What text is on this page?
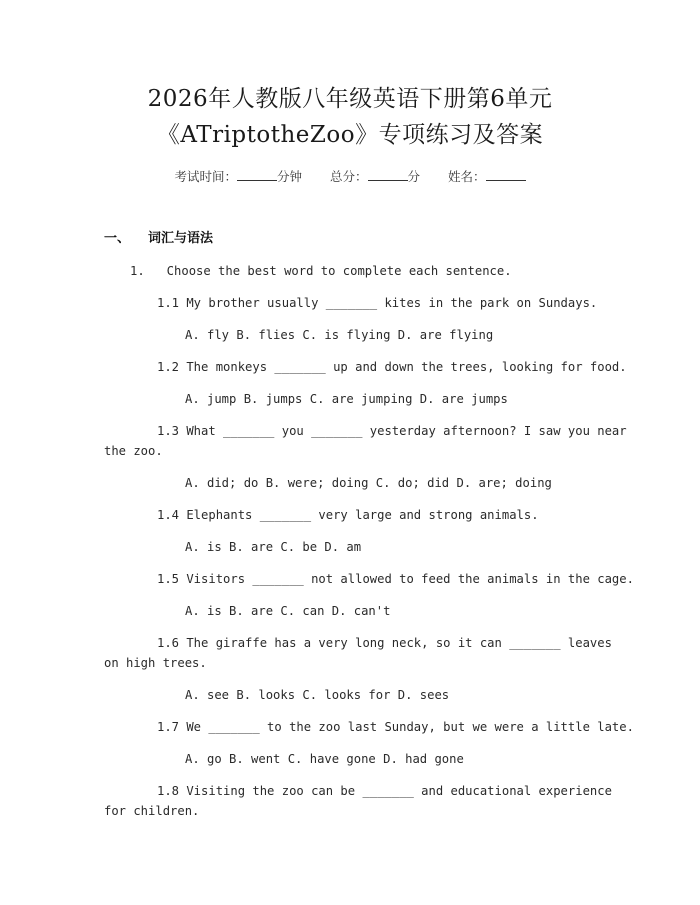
2026年人教版八年级英语下册第6单元
《ATriptotheZoo》专项练习及答案
考试时间：	分钟 总分：	分 姓名：
一、 词汇与语法
1.   Choose the best word to complete each sentence.
1.1 My brother usually _______ kites in the park on Sundays.
A. fly B. flies C. is flying D. are flying
1.2 The monkeys _______ up and down the trees, looking for food.
A. jump B. jumps C. are jumping D. are jumps
1.3 What _______ you _______ yesterday afternoon? I saw you near
the zoo.
A. did; do B. were; doing C. do; did D. are; doing
1.4 Elephants _______ very large and strong animals.
A. is B. are C. be D. am
1.5 Visitors _______ not allowed to feed the animals in the cage.
A. is B. are C. can D. can't
1.6 The giraffe has a very long neck, so it can _______ leaves
on high trees.
A. see B. looks C. looks for D. sees
1.7 We _______ to the zoo last Sunday, but we were a little late.
A. go B. went C. have gone D. had gone
1.8 Visiting the zoo can be _______ and educational experience
for children.
